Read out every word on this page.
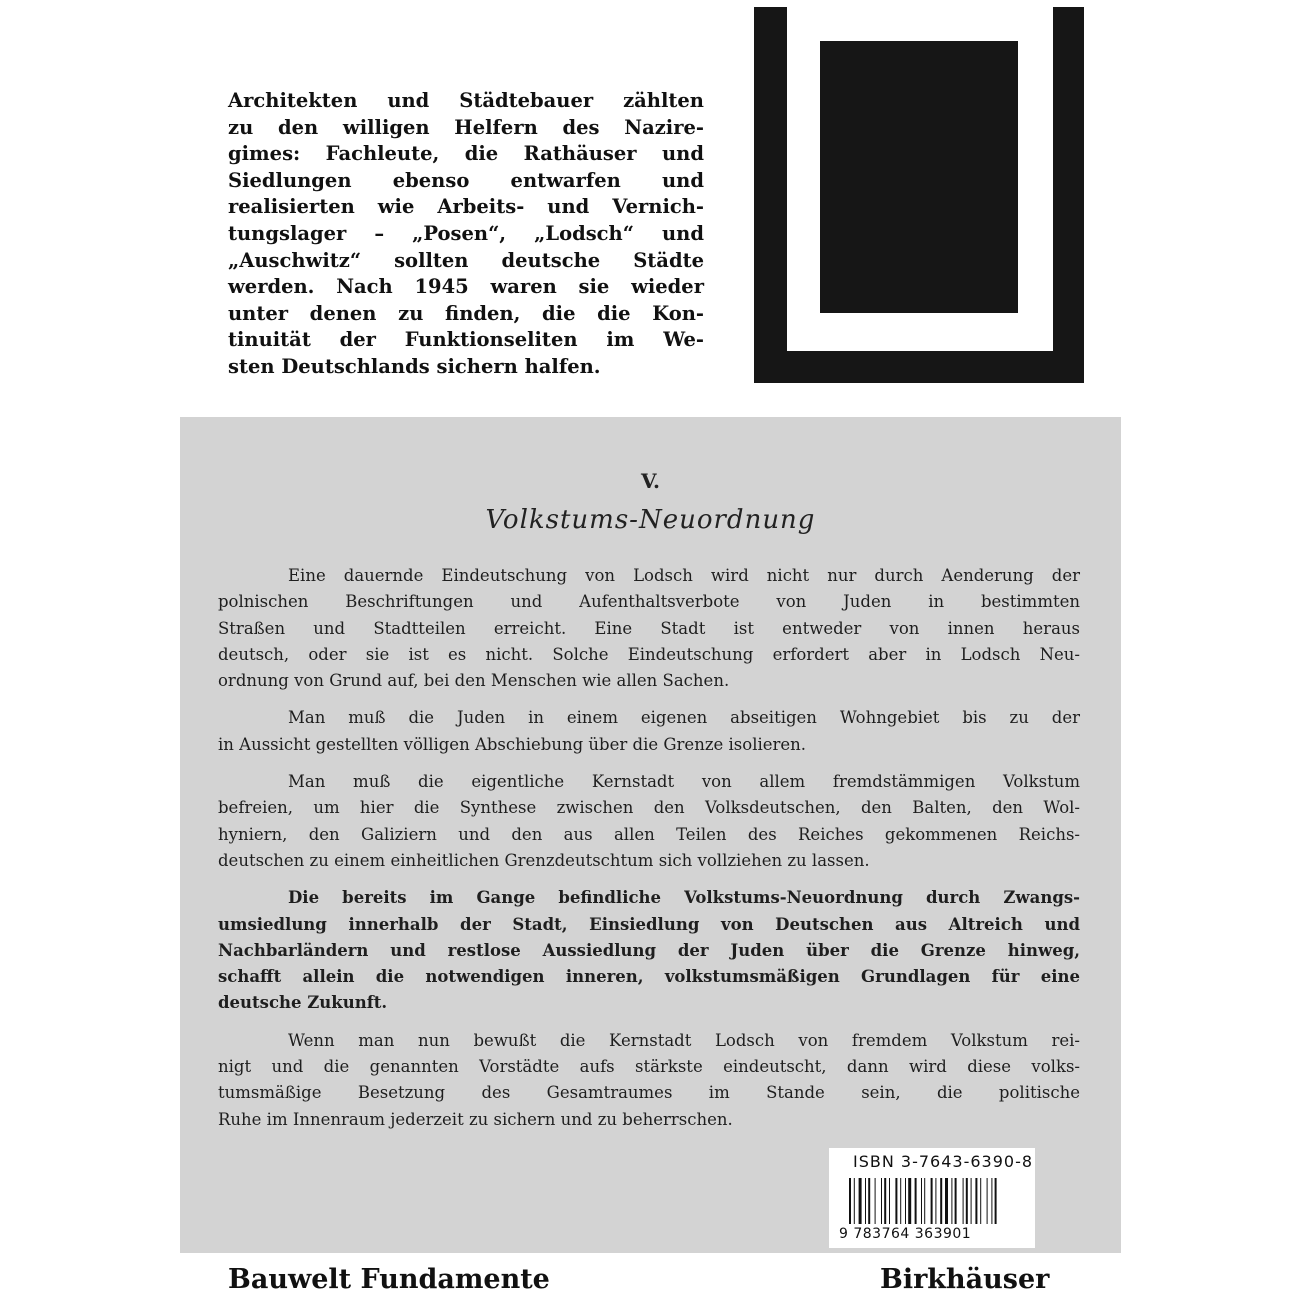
Architekten und Städtebauer zählten
zu den willigen Helfern des Nazire-
gimes: Fachleute, die Rathäuser und
Siedlungen ebenso entwarfen und
realisierten wie Arbeits- und Vernich-
tungslager – „Posen“, „Lodsch“ und
„Auschwitz“ sollten deutsche Städte
werden. Nach 1945 waren sie wieder
unter denen zu finden, die die Kon-
tinuität der Funktionseliten im We-
sten Deutschlands sichern halfen.
V.
Volkstums-Neuordnung
Eine dauernde Eindeutschung von Lodsch wird nicht nur durch Aenderung der
polnischen Beschriftungen und Aufenthaltsverbote von Juden in bestimmten
Straßen und Stadtteilen erreicht. Eine Stadt ist entweder von innen heraus
deutsch, oder sie ist es nicht. Solche Eindeutschung erfordert aber in Lodsch Neu-
ordnung von Grund auf, bei den Menschen wie allen Sachen.
Man muß die Juden in einem eigenen abseitigen Wohngebiet bis zu der
in Aussicht gestellten völligen Abschiebung über die Grenze isolieren.
Man muß die eigentliche Kernstadt von allem fremdstämmigen Volkstum
befreien, um hier die Synthese zwischen den Volksdeutschen, den Balten, den Wol-
hyniern, den Galiziern und den aus allen Teilen des Reiches gekommenen Reichs-
deutschen zu einem einheitlichen Grenzdeutschtum sich vollziehen zu lassen.
Die bereits im Gange befindliche Volkstums-Neuordnung durch Zwangs-
umsiedlung innerhalb der Stadt, Einsiedlung von Deutschen aus Altreich und
Nachbarländern und restlose Aussiedlung der Juden über die Grenze hinweg,
schafft allein die notwendigen inneren, volkstumsmäßigen Grundlagen für eine
deutsche Zukunft.
Wenn man nun bewußt die Kernstadt Lodsch von fremdem Volkstum rei-
nigt und die genannten Vorstädte aufs stärkste eindeutscht, dann wird diese volks-
tumsmäßige Besetzung des Gesamtraumes im Stande sein, die politische
Ruhe im Innenraum jederzeit zu sichern und zu beherrschen.
ISBN 3-7643-6390-8
9 783764 363901
Bauwelt Fundamente	Birkhäuser
